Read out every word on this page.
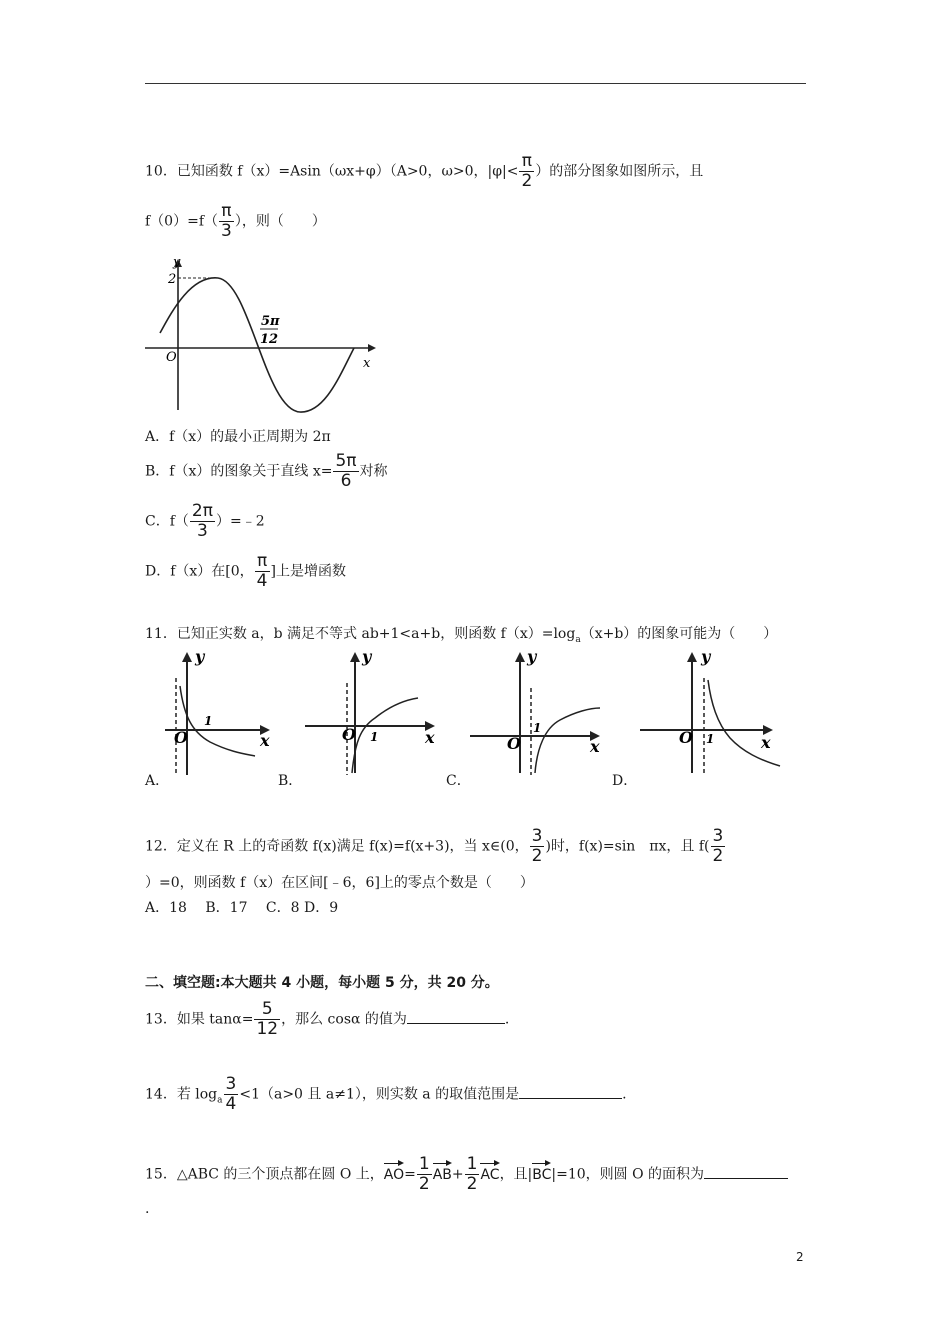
10．已知函数 f（x）=Asin（ωx+φ）（A>0，ω>0，$|\varphi|< \frac{\pi}{2}$ ）的部分图象如图所示，且
$f(0)=f( \frac{\pi}{3}$ ），则（　　）
y
2
O	x
5π
12
A．f（x）的最小正周期为 2π
B．f（x）的图象关于直线 $x= \frac{5\pi}{6}$ 对称
C．$f( \frac{2\pi}{3}$ ）=﹣2
D．f（x）在[0， $\frac{\pi}{4}$ ]上是增函数
11．已知正实数 a，b 满足不等式 ab+1<a+b，则函数 $f(x)=\log_a(x+b)$的图象可能为（　　）
y
x
O
1
y
x
O 1
y
x
O
1
y
x
O 1
A．	B．	C．	D．
12．定义在 R 上的奇函数 f(x)满足 f(x)=f(x+3)，当 x∈(0， $\frac{3}{2}$ )时，f(x)=sin　πx，且 $f( \frac{3}{2}$
）=0，则函数 f（x）在区间[﹣6，6]上的零点个数是（　　）
A．18　 B．17　 C．8 D．9
二、填空题:本大题共 4 小题，每小题 5 分，共 20 分。
13．如果 $\tan\alpha= \frac{5}{12}$ ，那么 cosα 的值为	.
14．若 $\log_a \frac{3}{4} <1(a>0$ 且 a≠1），则实数 a 的取值范围是	.
15．△ABC 的三个顶点都在圆 O 上，$AO= \frac{1}{2} AB+ \frac{1}{2}$ AC，且|BC|=10，则圆 O 的面积为
.
2
